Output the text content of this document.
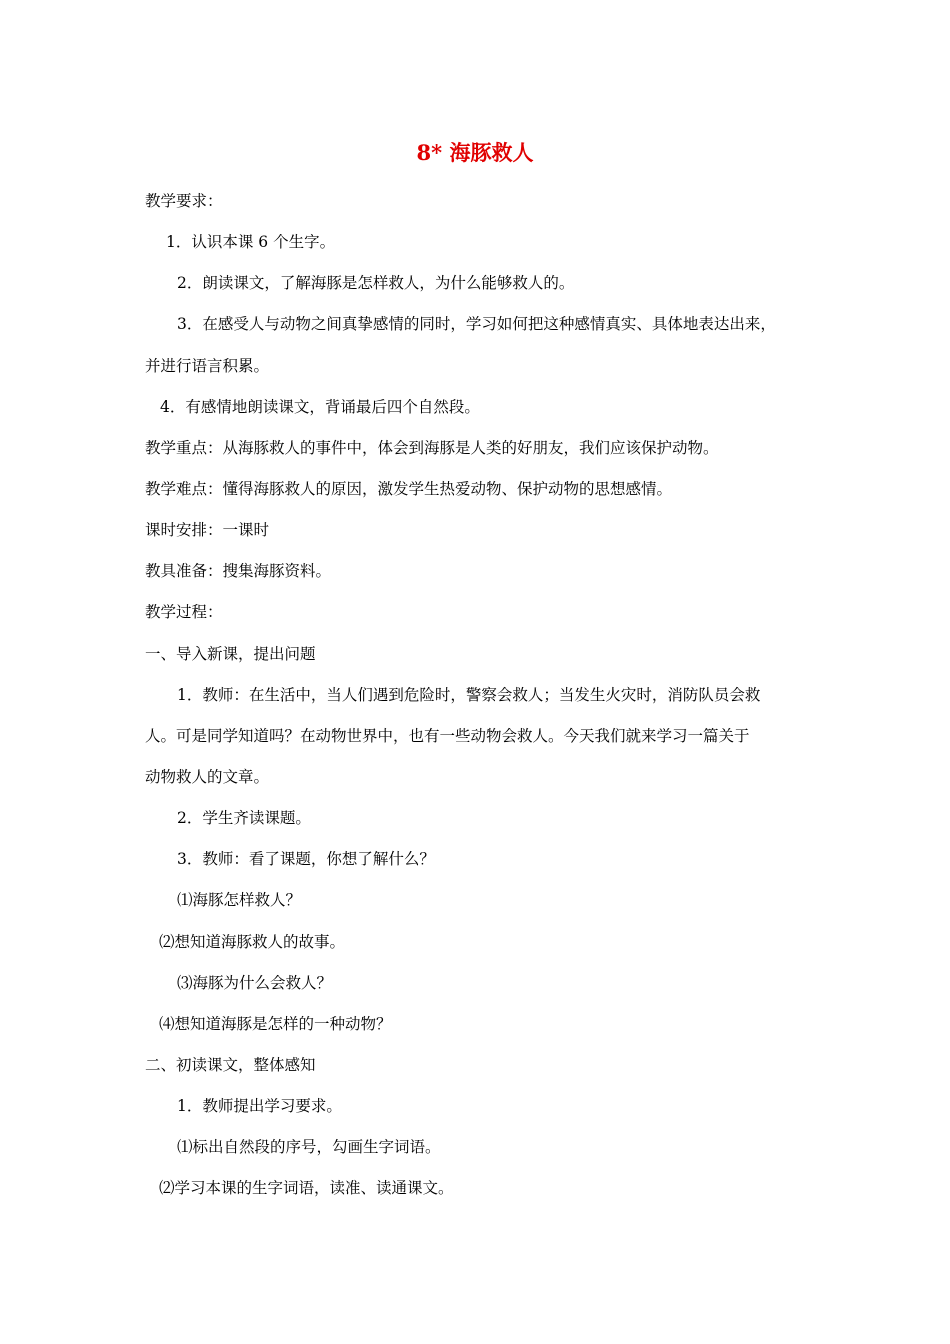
8* 海豚救人
教学要求：
1．认识本课 6 个生字。
2．朗读课文，了解海豚是怎样救人，为什么能够救人的。
3．在感受人与动物之间真挚感情的同时，学习如何把这种感情真实、具体地表达出来，
并进行语言积累。
4．有感情地朗读课文，背诵最后四个自然段。
教学重点：从海豚救人的事件中，体会到海豚是人类的好朋友，我们应该保护动物。
教学难点：懂得海豚救人的原因，激发学生热爱动物、保护动物的思想感情。
课时安排：一课时
教具准备：搜集海豚资料。
教学过程：
一、导入新课，提出问题
1．教师：在生活中，当人们遇到危险时，警察会救人；当发生火灾时，消防队员会救
人。可是同学知道吗？在动物世界中，也有一些动物会救人。今天我们就来学习一篇关于
动物救人的文章。
2．学生齐读课题。
3．教师：看了课题，你想了解什么？
⑴海豚怎样救人？
⑵想知道海豚救人的故事。
⑶海豚为什么会救人？
⑷想知道海豚是怎样的一种动物？
二、初读课文，整体感知
1．教师提出学习要求。
⑴标出自然段的序号，勾画生字词语。
⑵学习本课的生字词语，读准、读通课文。
